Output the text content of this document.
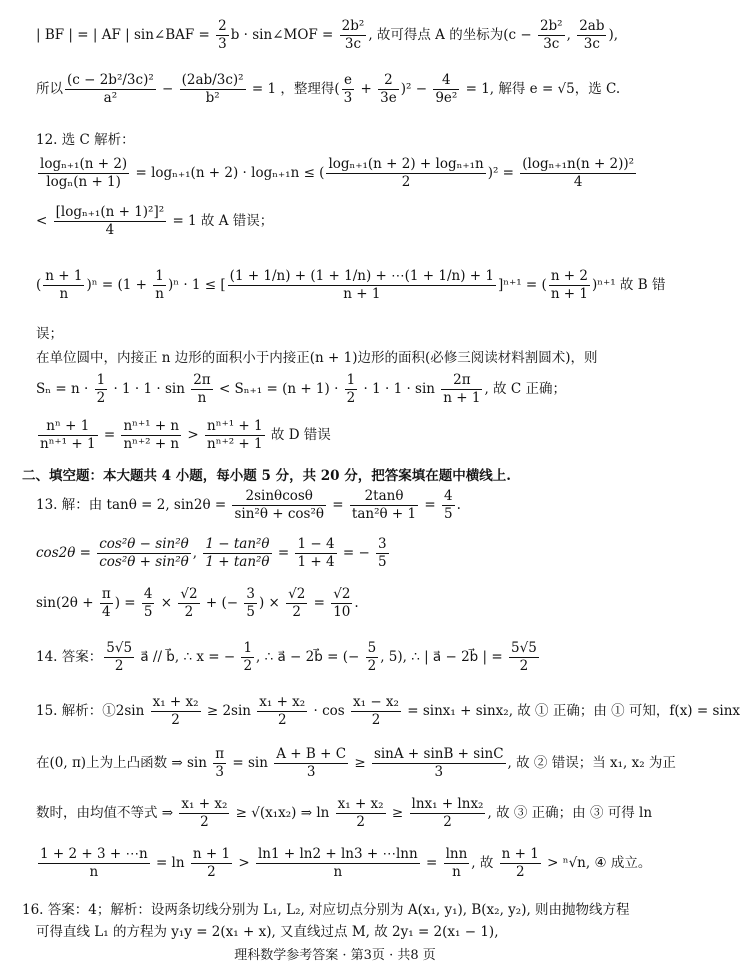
| BF | = | AF | sin∠BAF = $\frac{2}{3}$ b · sin∠MOF = $\frac{\text{2b²}}{3c}$ , 故可得点 A 的坐标为($c - \frac{\text{2b²}}{3c}$ , $\frac{2ab}{3c}$ ),
所以 $\frac{\text{(c − 2b²/3c)²}}{\text{a²}} - \frac{\text{(2ab/3c)²}}{\text{b²}} = 1$ ，整理得( $\frac{e}{3} + \frac{2}{3e} )^2 - \frac{4}{\text{9e²}} = 1$, 解得 e = √5，选 C.
12. 选 C 解析：
$\frac{\text{logₙ₊₁(n + 2)}}{\text{logₙ(n + 1)}} = \log_{n+1}(n + 2) \cdot \log_{n+1}n$ ≤ ( $\frac{\text{logₙ₊₁(n + 2) + logₙ₊₁n}}{2} )^2 = \frac{\text{(logₙ₊₁n(n + 2))²}}{4}$
< $\frac{\text{[logₙ₊₁(n + 1)²]²}}{4} = 1$ 故 A 错误；
( $\frac{n + 1}{n} )^n = (1 + \frac{1}{n} )^n \cdot 1$ ≤ [ $\frac{(1 + 1/n) + (1 + 1/n) + \cdots(1 + 1/n) + 1}{n + 1} ]^{n+1}$ = ( $\frac{n + 2}{n + 1} )^{n+1}$ 故 B 错
误；
在单位圆中，内接正 n 边形的面积小于内接正(n + 1)边形的面积(必修三阅读材料割圆术)，则
$S_n = n \cdot \frac{1}{2} \cdot 1 \cdot 1 \cdot \sin \frac{2\pi}{n} < S_{n+1} = (n + 1) \cdot \frac{1}{2} \cdot 1 \cdot 1 \cdot \sin \frac{2\pi}{n + 1}$ , 故 C 正确；
$\frac{\text{nⁿ + 1}}{\text{nⁿ⁺¹ + 1}} = \frac{\text{nⁿ⁺¹ + n}}{\text{nⁿ⁺² + n}} > \frac{\text{nⁿ⁺¹ + 1}}{\text{nⁿ⁺² + 1}}$ 故 D 错误
二、填空题：本大题共 4 小题，每小题 5 分，共 20 分，把答案填在题中横线上.
13. 解：由 tanθ = 2, $\sin 2\theta = \frac{2\sin\theta\cos\theta}{\text{sin²θ + cos²θ}} = \frac{2\tan\theta}{\text{tan²θ + 1}} = \frac{4}{5}$ .
$\cos 2\theta = \frac{\text{cos²θ − sin²θ}}{\text{cos²θ + sin²θ}}$ , $\frac{\text{1 − tan²θ}}{\text{1 + tan²θ}} = \frac{1 - 4}{1 + 4}$ = − $\frac{3}{5}$
$\sin(2\theta + \frac{\pi}{4}$ ) = $\frac{4}{5} \times \frac{√2}{2}$ + (− $\frac{3}{5}$ ) × $\frac{√2}{2} = \frac{√2}{10}$ .
14. 答案： $\frac{5√5}{2}$ a⃗ // b⃗, ∴ x = − $\frac{1}{2}$ , ∴ a⃗ − 2b⃗ = (− $\frac{5}{2}$ , 5), ∴ | a⃗ − 2b⃗ | = $\frac{5√5}{2}$
15. 解析：①2sin $\frac{\text{x₁ + x₂}}{2} \ge 2\sin \frac{\text{x₁ + x₂}}{2} \cdot \cos \frac{\text{x₁ − x₂}}{2} = \sin x_1 + \sin x_2$, 故 ① 正确；由 ① 可知，f(x) = sinx
在(0, π)上为上凸函数 ⇒ $\sin \frac{\pi}{3} = \sin \frac{A + B + C}{3} \ge \frac{\sin A + \sin B + \sin C}{3}$ , 故 ② 错误；当 x₁, x₂ 为正
数时，由均值不等式 ⇒ $\frac{\text{x₁ + x₂}}{2} \ge √(x_1x_2)$ ⇒ $\ln \frac{\text{x₁ + x₂}}{2} \ge \frac{\text{lnx₁ + lnx₂}}{2}$ , 故 ③ 正确；由 ③ 可得 ln
$\frac{1 + 2 + 3 + \cdots n}{n} = \ln \frac{n + 1}{2} > \frac{\ln 1 + \ln 2 + \ln 3 + \cdots\ln n}{n} = \frac{\ln n}{n}$ , 故 $\frac{n + 1}{2} > ^n√n$, ④ 成立。
16. 答案：4；解析：设两条切线分别为 L₁, L₂, 对应切点分别为 A(x₁, y₁), B(x₂, y₂), 则由抛物线方程
可得直线 L₁ 的方程为 y₁y = 2(x₁ + x), 又直线过点 M, 故 2y₁ = 2(x₁ − 1),
理科数学参考答案 · 第3页 · 共8 页
